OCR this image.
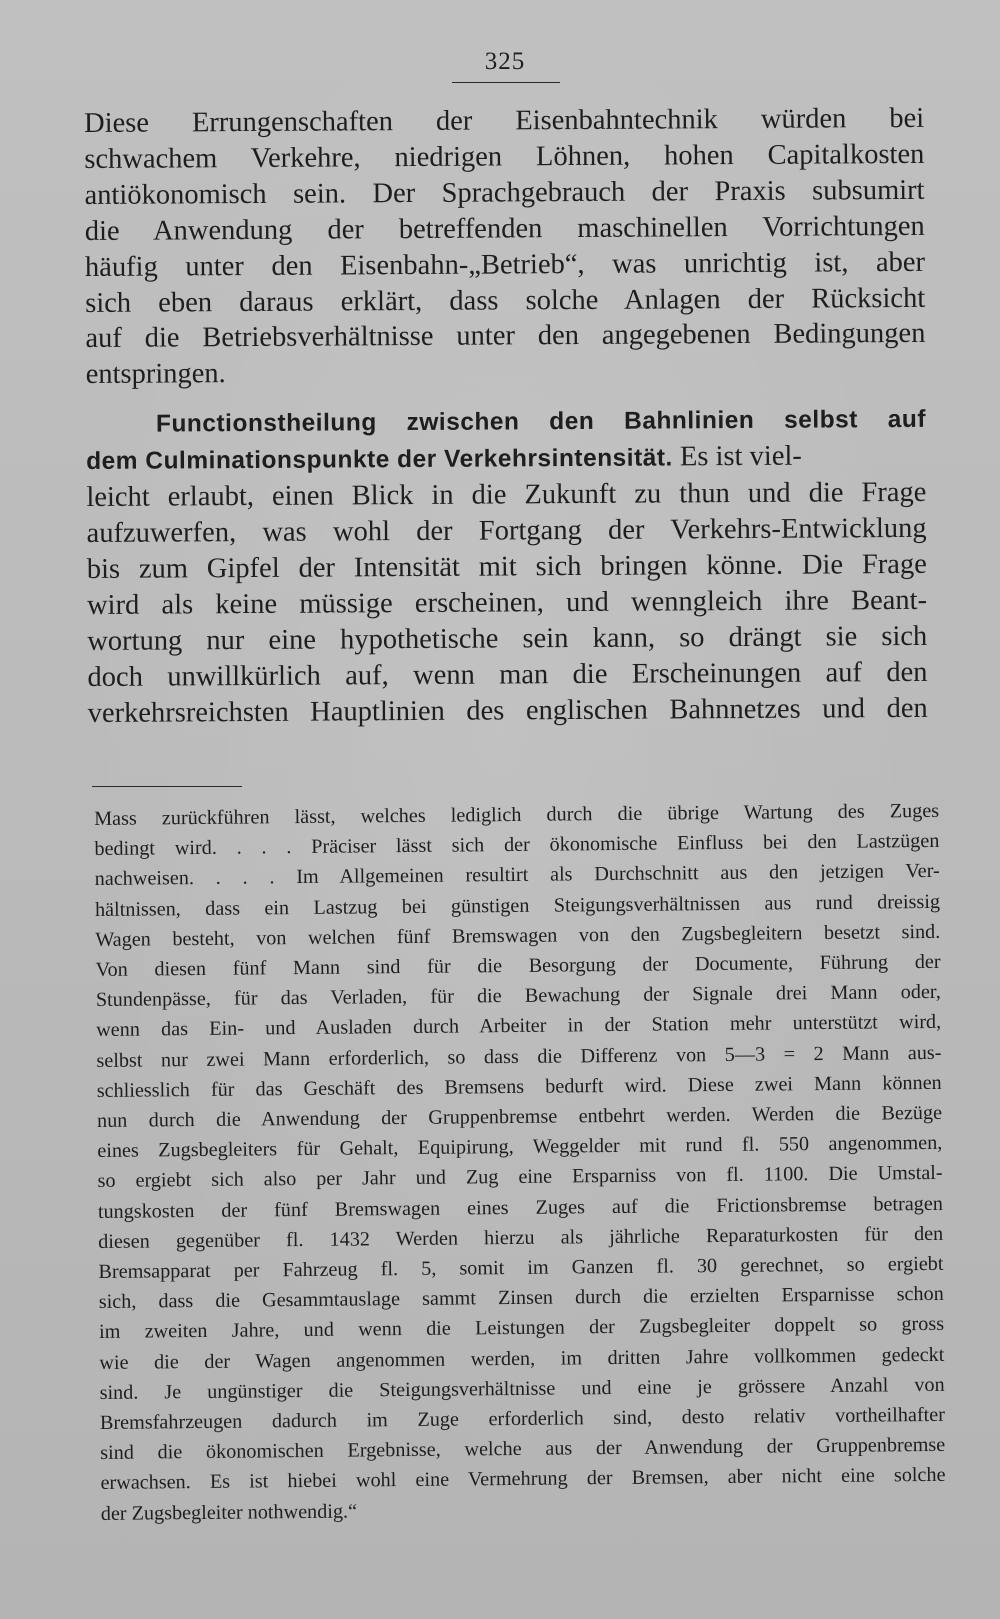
325
Diese Errungenschaften der Eisenbahntechnik würden bei
schwachem Verkehre, niedrigen Löhnen, hohen Capitalkosten
antiökonomisch sein. Der Sprachgebrauch der Praxis subsumirt
die Anwendung der betreffenden maschinellen Vorrichtungen
häufig unter den Eisenbahn-„Betrieb“, was unrichtig ist, aber
sich eben daraus erklärt, dass solche Anlagen der Rücksicht
auf die Betriebsverhältnisse unter den angegebenen Bedingungen
entspringen.
Functionstheilung zwischen den Bahnlinien selbst auf
dem Culminationspunkte der Verkehrsintensität. Es ist viel-
leicht erlaubt, einen Blick in die Zukunft zu thun und die Frage
aufzuwerfen, was wohl der Fortgang der Verkehrs-Entwicklung
bis zum Gipfel der Intensität mit sich bringen könne. Die Frage
wird als keine müssige erscheinen, und wenngleich ihre Beant-
wortung nur eine hypothetische sein kann, so drängt sie sich
doch unwillkürlich auf, wenn man die Erscheinungen auf den
verkehrsreichsten Hauptlinien des englischen Bahnnetzes und den
Mass zurückführen lässt, welches lediglich durch die übrige Wartung des Zuges
bedingt wird. . . . Präciser lässt sich der ökonomische Einfluss bei den Lastzügen
nachweisen. . . . Im Allgemeinen resultirt als Durchschnitt aus den jetzigen Ver-
hältnissen, dass ein Lastzug bei günstigen Steigungsverhältnissen aus rund dreissig
Wagen besteht, von welchen fünf Bremswagen von den Zugsbegleitern besetzt sind.
Von diesen fünf Mann sind für die Besorgung der Documente, Führung der
Stundenpässe, für das Verladen, für die Bewachung der Signale drei Mann oder,
wenn das Ein- und Ausladen durch Arbeiter in der Station mehr unterstützt wird,
selbst nur zwei Mann erforderlich, so dass die Differenz von 5—3 = 2 Mann aus-
schliesslich für das Geschäft des Bremsens bedurft wird. Diese zwei Mann können
nun durch die Anwendung der Gruppenbremse entbehrt werden. Werden die Bezüge
eines Zugsbegleiters für Gehalt, Equipirung, Weggelder mit rund fl. 550 angenommen,
so ergiebt sich also per Jahr und Zug eine Ersparniss von fl. 1100. Die Umstal-
tungskosten der fünf Bremswagen eines Zuges auf die Frictionsbremse betragen
diesen gegenüber fl. 1432 Werden hierzu als jährliche Reparaturkosten für den
Bremsapparat per Fahrzeug fl. 5, somit im Ganzen fl. 30 gerechnet, so ergiebt
sich, dass die Gesammtauslage sammt Zinsen durch die erzielten Ersparnisse schon
im zweiten Jahre, und wenn die Leistungen der Zugsbegleiter doppelt so gross
wie die der Wagen angenommen werden, im dritten Jahre vollkommen gedeckt
sind. Je ungünstiger die Steigungsverhältnisse und eine je grössere Anzahl von
Bremsfahrzeugen dadurch im Zuge erforderlich sind, desto relativ vortheilhafter
sind die ökonomischen Ergebnisse, welche aus der Anwendung der Gruppenbremse
erwachsen. Es ist hiebei wohl eine Vermehrung der Bremsen, aber nicht eine solche
der Zugsbegleiter nothwendig.“
